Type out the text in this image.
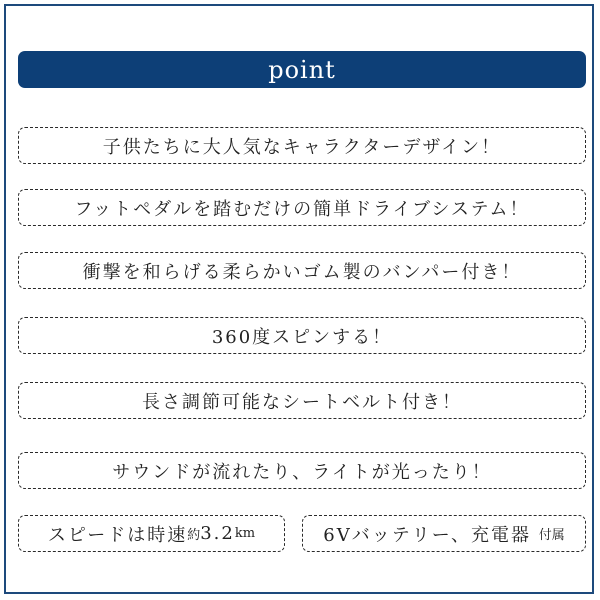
point
子供たちに大人気なキャラクターデザイン！
フットペダルを踏むだけの簡単ドライブシステム！
衝撃を和らげる柔らかいゴム製のバンパー付き！
360度スピンする！
長さ調節可能なシートベルト付き！
サウンドが流れたり、ライトが光ったり！
スピードは時速 約 3.2 km	6Vバッテリー、充電器
付属
